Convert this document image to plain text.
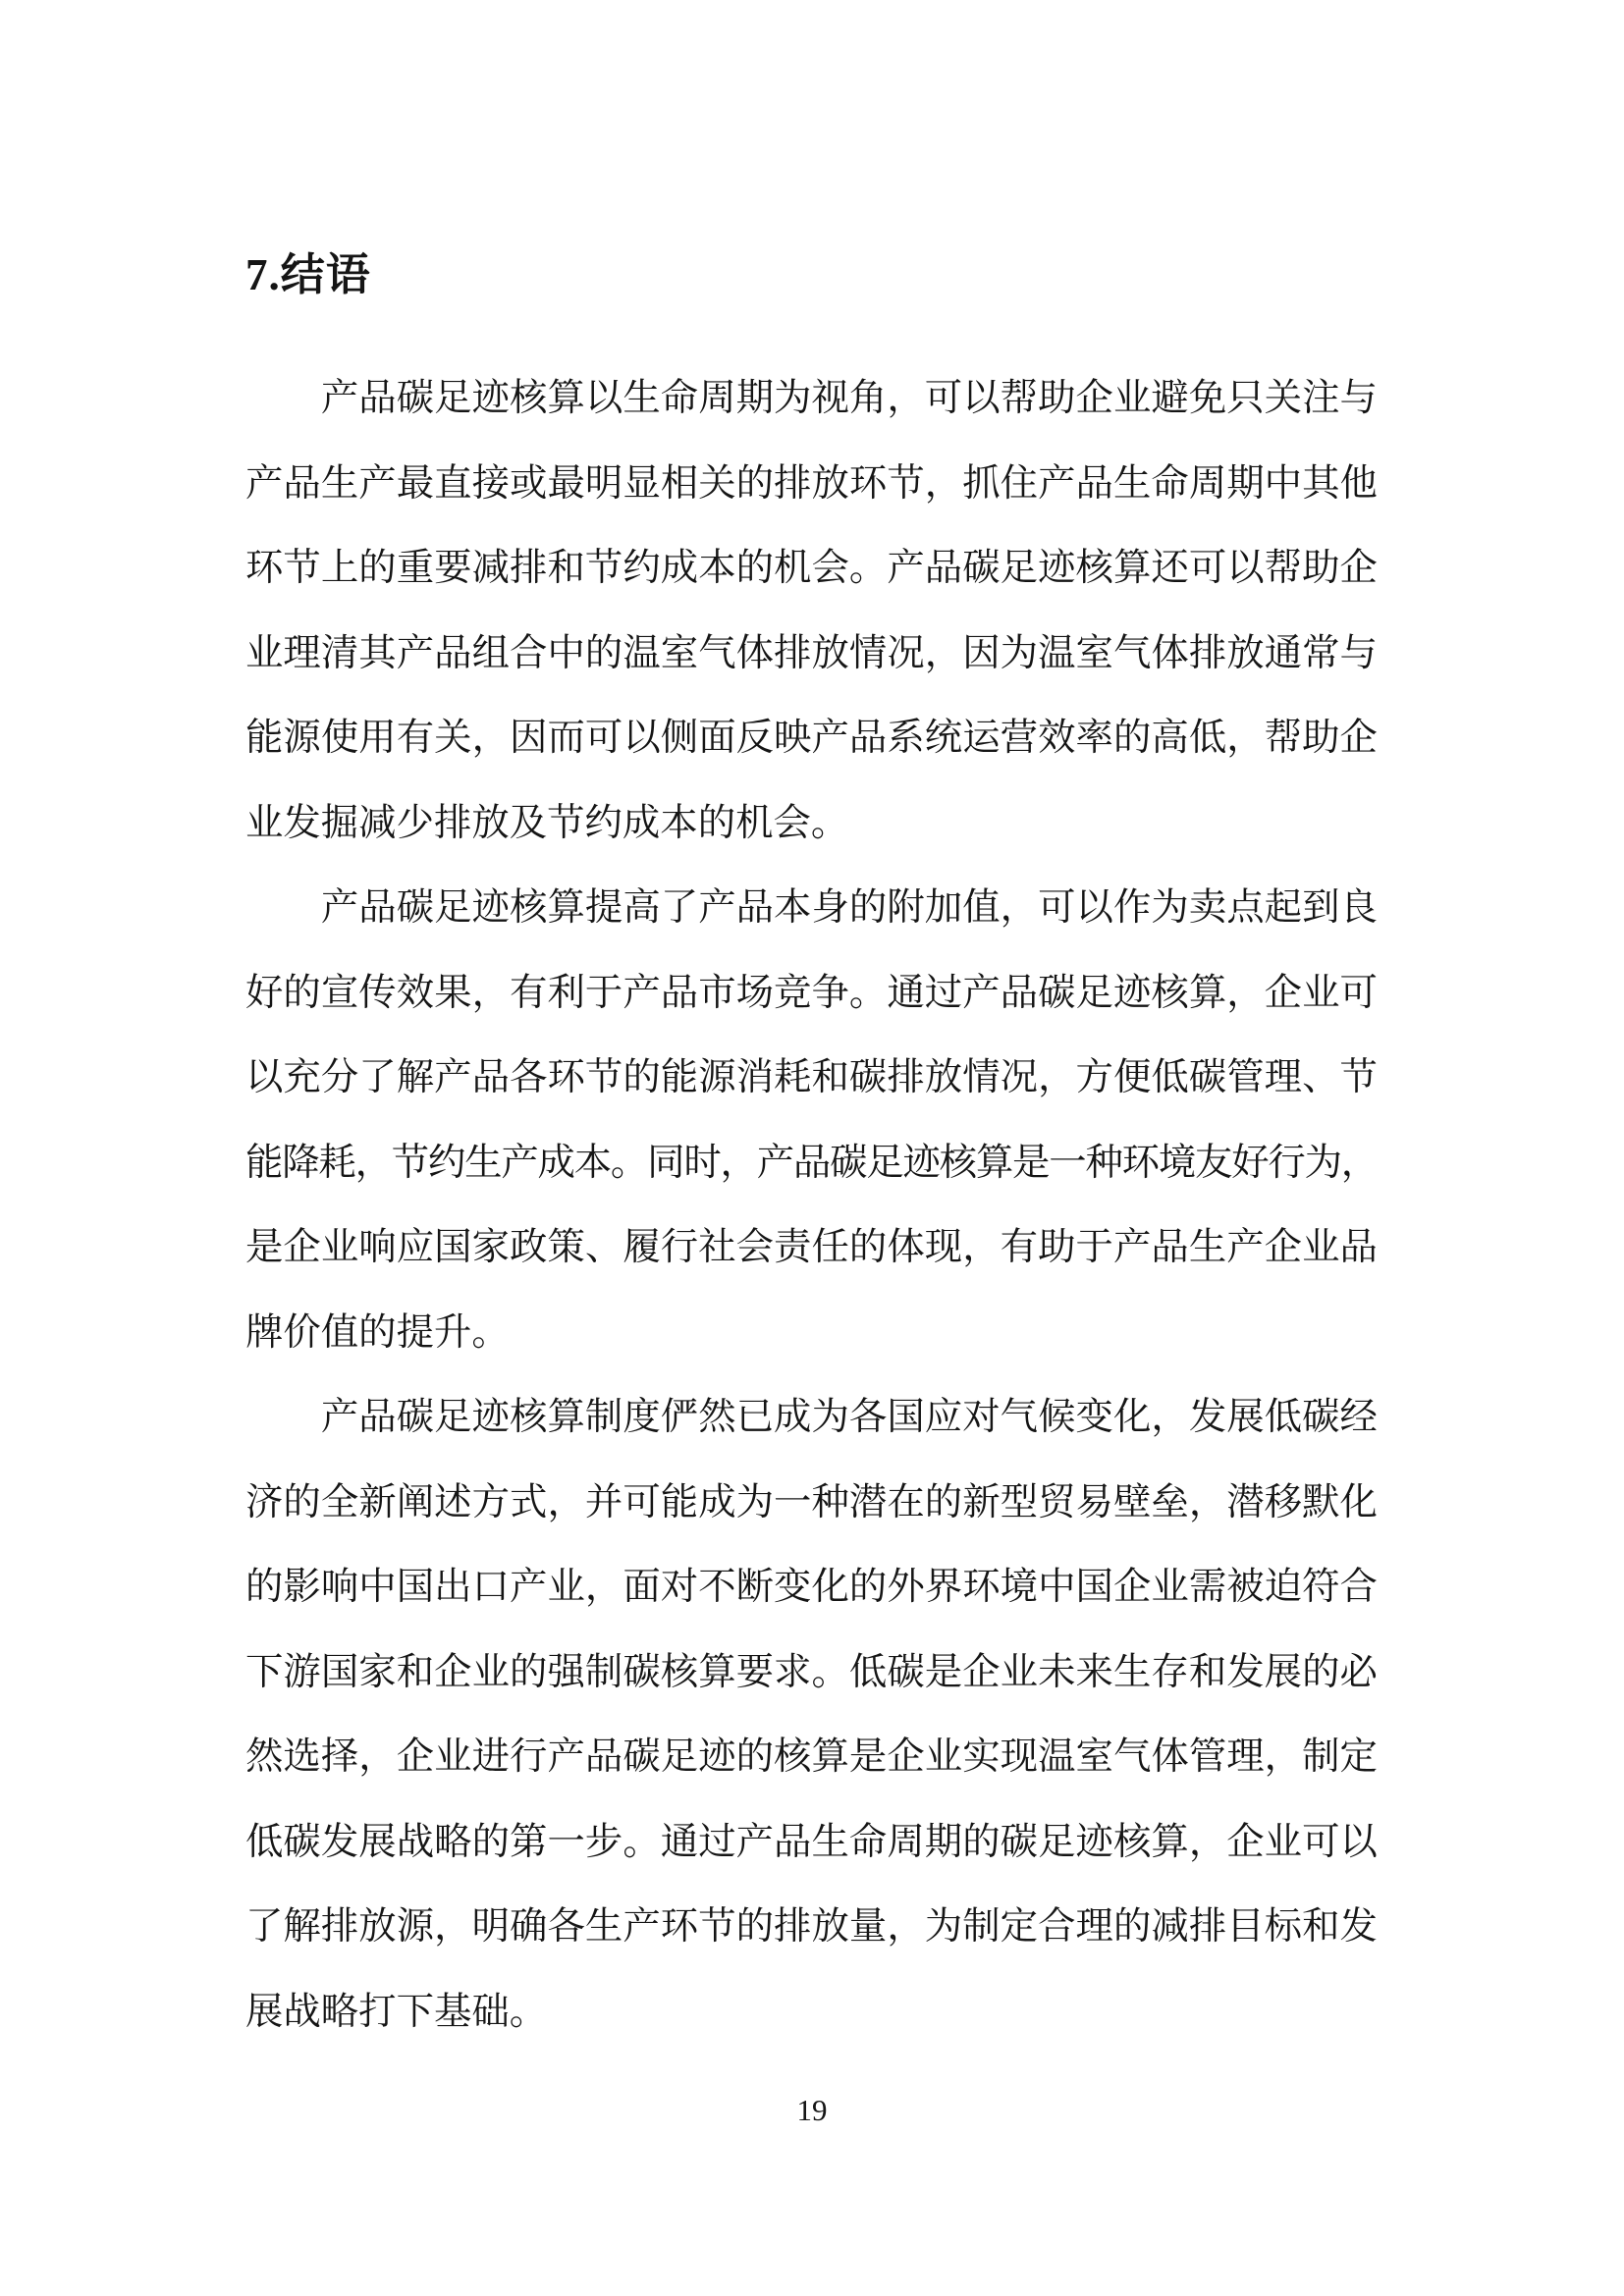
7.结语
　　产品碳足迹核算以生命周期为视角，可以帮助企业避免只关注与
产品生产最直接或最明显相关的排放环节，抓住产品生命周期中其他
环节上的重要减排和节约成本的机会。产品碳足迹核算还可以帮助企
业理清其产品组合中的温室气体排放情况，因为温室气体排放通常与
能源使用有关，因而可以侧面反映产品系统运营效率的高低，帮助企
业发掘减少排放及节约成本的机会。
　　产品碳足迹核算提高了产品本身的附加值，可以作为卖点起到良
好的宣传效果，有利于产品市场竞争。通过产品碳足迹核算，企业可
以充分了解产品各环节的能源消耗和碳排放情况，方便低碳管理、节
能降耗，节约生产成本。同时，产品碳足迹核算是一种环境友好行为，
是企业响应国家政策、履行社会责任的体现，有助于产品生产企业品
牌价值的提升。
　　产品碳足迹核算制度俨然已成为各国应对气候变化，发展低碳经
济的全新阐述方式，并可能成为一种潜在的新型贸易壁垒，潜移默化
的影响中国出口产业，面对不断变化的外界环境中国企业需被迫符合
下游国家和企业的强制碳核算要求。低碳是企业未来生存和发展的必
然选择，企业进行产品碳足迹的核算是企业实现温室气体管理，制定
低碳发展战略的第一步。通过产品生命周期的碳足迹核算，企业可以
了解排放源，明确各生产环节的排放量，为制定合理的减排目标和发
展战略打下基础。
19
